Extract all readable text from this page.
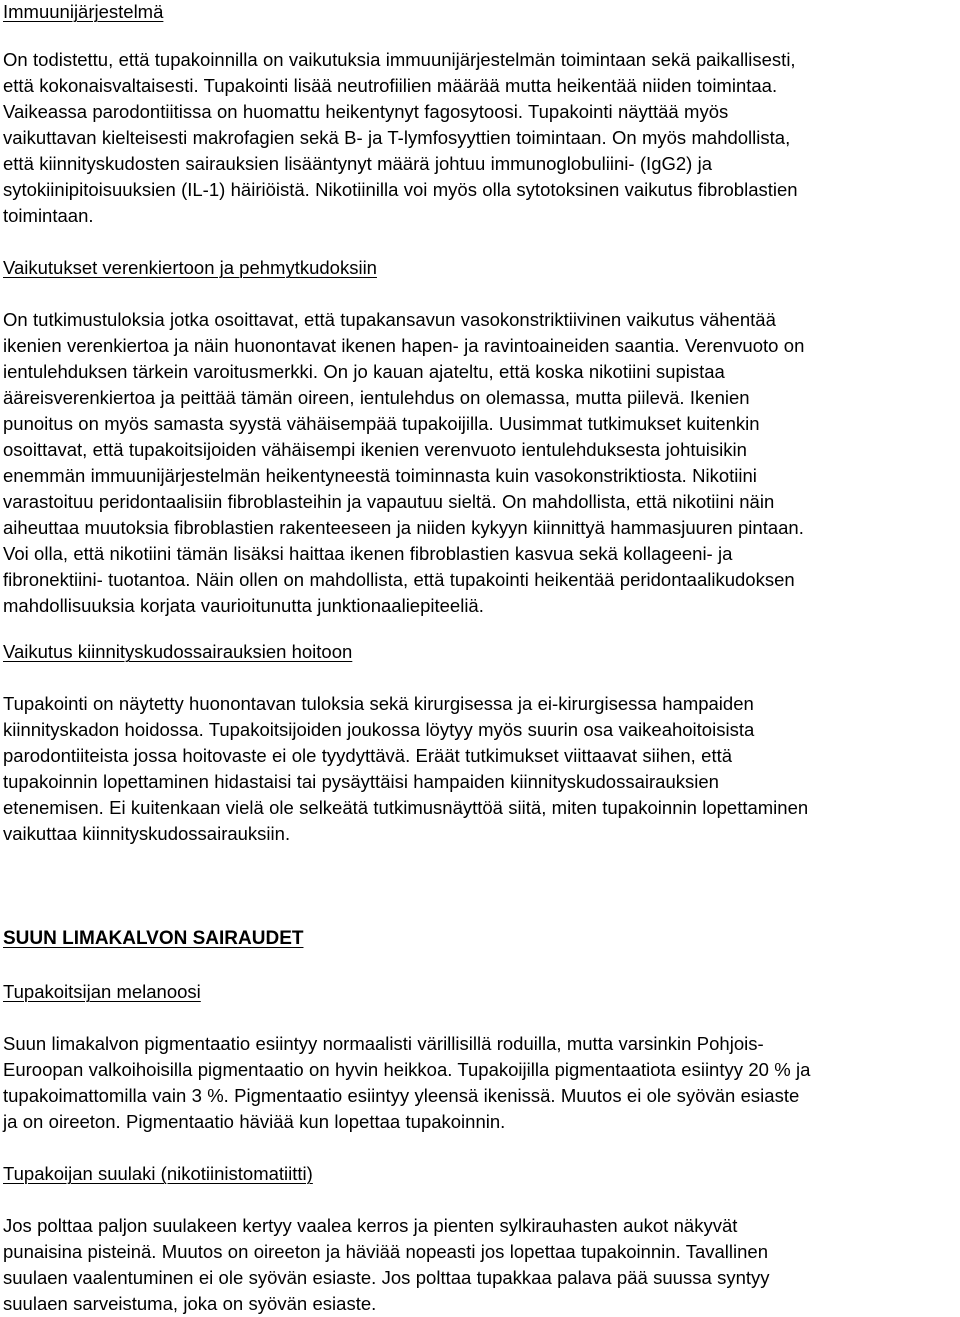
Immuunijärjestelmä

On todistettu, että tupakoinnilla on vaikutuksia immuunijärjestelmän toimintaan sekä paikallisesti,
että kokonaisvaltaisesti. Tupakointi lisää neutrofiilien määrää mutta heikentää niiden toimintaa.
Vaikeassa parodontiitissa on huomattu heikentynyt fagosytoosi. Tupakointi näyttää myös
vaikuttavan kielteisesti makrofagien sekä B- ja T-lymfosyyttien toimintaan. On myös mahdollista,
että kiinnityskudosten sairauksien lisääntynyt määrä johtuu immunoglobuliini- (IgG2) ja
sytokiinipitoisuuksien (IL-1) häiriöistä. Nikotiinilla voi myös olla sytotoksinen vaikutus fibroblastien
toimintaan.

Vaikutukset verenkiertoon ja pehmytkudoksiin

On tutkimustuloksia jotka osoittavat, että tupakansavun vasokonstriktiivinen vaikutus vähentää
ikenien verenkiertoa ja näin huonontavat ikenen hapen- ja ravintoaineiden saantia. Verenvuoto on
ientulehduksen tärkein varoitusmerkki. On jo kauan ajateltu, että koska nikotiini supistaa
ääreisverenkiertoa ja peittää tämän oireen, ientulehdus on olemassa, mutta piilevä. Ikenien
punoitus on myös samasta syystä vähäisempää tupakoijilla. Uusimmat tutkimukset kuitenkin
osoittavat, että tupakoitsijoiden vähäisempi ikenien verenvuoto ientulehduksesta johtuisikin
enemmän immuunijärjestelmän heikentyneestä toiminnasta kuin vasokonstriktiosta. Nikotiini
varastoituu peridontaalisiin fibroblasteihin ja vapautuu sieltä. On mahdollista, että nikotiini näin
aiheuttaa muutoksia fibroblastien rakenteeseen ja niiden kykyyn kiinnittyä hammasjuuren pintaan.
Voi olla, että nikotiini tämän lisäksi haittaa ikenen fibroblastien kasvua sekä kollageeni- ja
fibronektiini- tuotantoa. Näin ollen on mahdollista, että tupakointi heikentää peridontaalikudoksen
mahdollisuuksia korjata vaurioitunutta junktionaaliepiteeliä.

Vaikutus kiinnityskudossairauksien hoitoon

Tupakointi on näytetty huonontavan tuloksia sekä kirurgisessa ja ei-kirurgisessa hampaiden
kiinnityskadon hoidossa. Tupakoitsijoiden joukossa löytyy myös suurin osa vaikeahoitoisista
parodontiiteista jossa hoitovaste ei ole tyydyttävä. Eräät tutkimukset viittaavat siihen, että
tupakoinnin lopettaminen hidastaisi tai pysäyttäisi hampaiden kiinnityskudossairauksien
etenemisen. Ei kuitenkaan vielä ole selkeätä tutkimusnäyttöä siitä, miten tupakoinnin lopettaminen
vaikuttaa kiinnityskudossairauksiin.

SUUN LIMAKALVON SAIRAUDET
Tupakoitsijan melanoosi

Suun limakalvon pigmentaatio esiintyy normaalisti värillisillä roduilla, mutta varsinkin Pohjois-
Euroopan valkoihoisilla pigmentaatio on hyvin heikkoa. Tupakoijilla pigmentaatiota esiintyy 20 % ja
tupakoimattomilla vain 3 %. Pigmentaatio esiintyy yleensä ikenissä. Muutos ei ole syövän esiaste
ja on oireeton. Pigmentaatio häviää kun lopettaa tupakoinnin.

Tupakoijan suulaki (nikotiinistomatiitti)

Jos polttaa paljon suulakeen kertyy vaalea kerros ja pienten sylkirauhasten aukot näkyvät
punaisina pisteinä. Muutos on oireeton ja häviää nopeasti jos lopettaa tupakoinnin. Tavallinen
suulaen vaalentuminen ei ole syövän esiaste. Jos polttaa tupakkaa palava pää suussa syntyy
suulaen sarveistuma, joka on syövän esiaste.
